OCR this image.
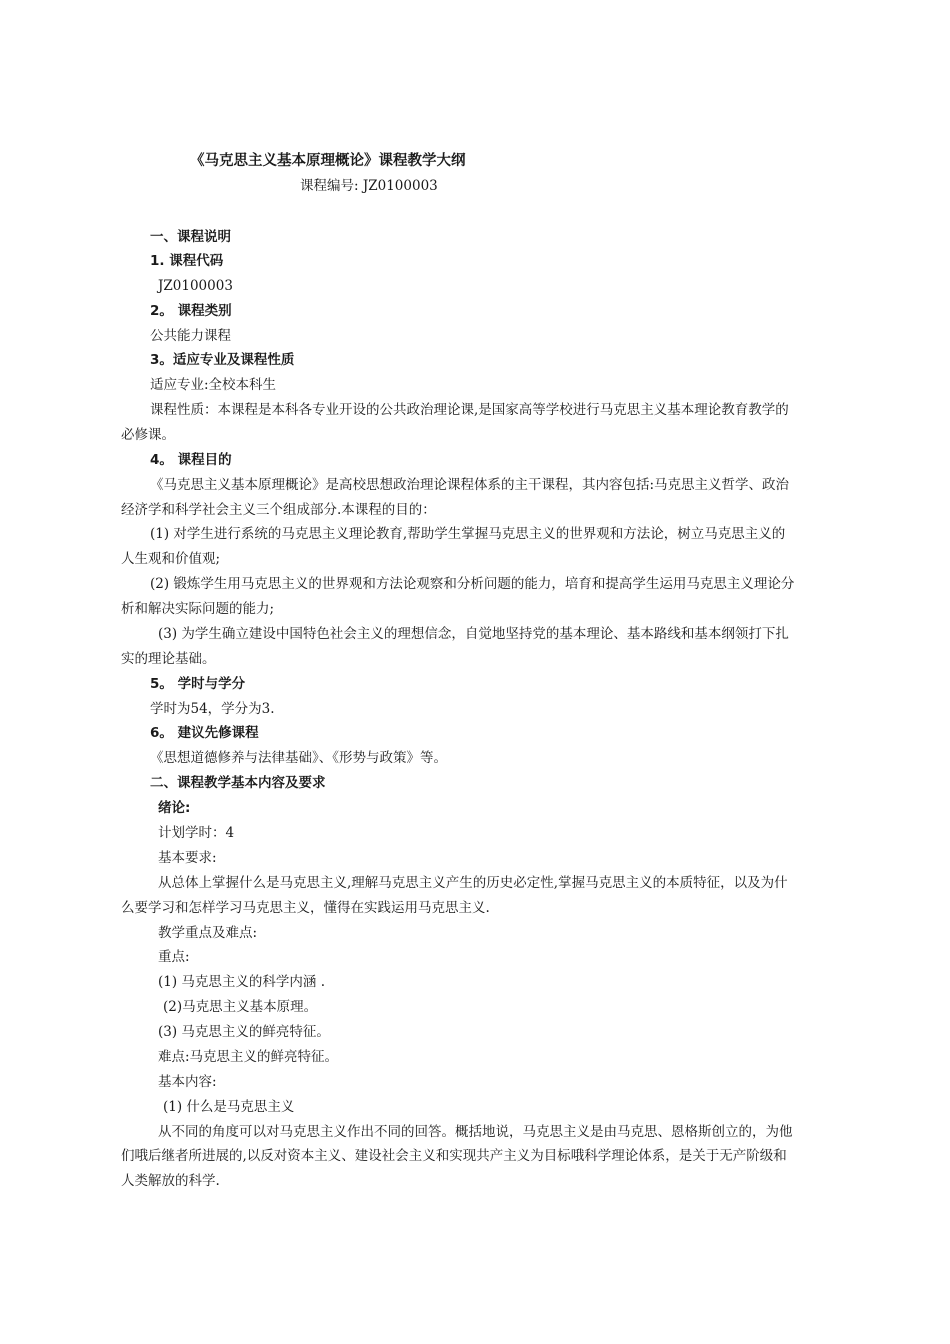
《马克思主义基本原理概论》课程教学大纲
课程编号: JZ0100003
一、课程说明
1. 课程代码
JZ0100003
2。 课程类别
公共能力课程
3。适应专业及课程性质
适应专业:全校本科生
课程性质：本课程是本科各专业开设的公共政治理论课,是国家高等学校进行马克思主义基本理论教育教学的
必修课。
4。 课程目的
《马克思主义基本原理概论》是高校思想政治理论课程体系的主干课程，其内容包括:马克思主义哲学、政治
经济学和科学社会主义三个组成部分.本课程的目的：
(1) 对学生进行系统的马克思主义理论教育,帮助学生掌握马克思主义的世界观和方法论，树立马克思主义的
人生观和价值观;
(2) 锻炼学生用马克思主义的世界观和方法论观察和分析问题的能力，培育和提高学生运用马克思主义理论分
析和解决实际问题的能力;
(3) 为学生确立建设中国特色社会主义的理想信念，自觉地坚持党的基本理论、基本路线和基本纲领打下扎
实的理论基础。
5。 学时与学分
学时为54，学分为3.
6。 建议先修课程
《思想道德修养与法律基础》、《形势与政策》等。
二、课程教学基本内容及要求
绪论:
计划学时：4
基本要求:
从总体上掌握什么是马克思主义,理解马克思主义产生的历史必定性,掌握马克思主义的本质特征，以及为什
么要学习和怎样学习马克思主义，懂得在实践运用马克思主义.
教学重点及难点:
重点:
(1) 马克思主义的科学内涵 .
(2)马克思主义基本原理。
(3) 马克思主义的鲜亮特征。
难点:马克思主义的鲜亮特征。
基本内容:
(1) 什么是马克思主义
从不同的角度可以对马克思主义作出不同的回答。概括地说，马克思主义是由马克思、恩格斯创立的，为他
们哦后继者所进展的,以反对资本主义、建设社会主义和实现共产主义为目标哦科学理论体系，是关于无产阶级和
人类解放的科学.
